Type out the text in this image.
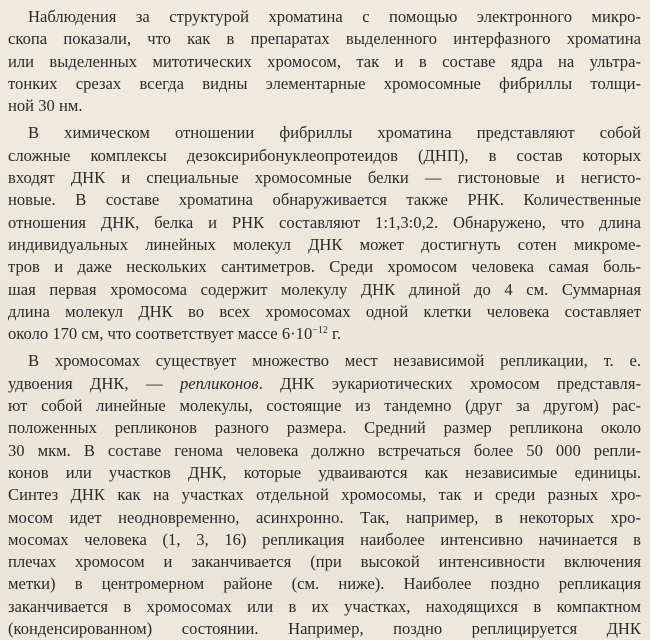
Наблюдения за структурой хроматина с помощью электронного микро-
скопа показали, что как в препаратах выделенного интерфазного хроматина
или выделенных митотических хромосом, так и в составе ядра на ультра-
тонких срезах всегда видны элементарные хромосомные фибриллы толщи-
ной 30 нм.
В химическом отношении фибриллы хроматина представляют собой
сложные комплексы дезоксирибонуклеопротеидов (ДНП), в состав которых
входят ДНК и специальные хромосомные белки — гистоновые и негисто-
новые. В составе хроматина обнаруживается также РНК. Количественные
отношения ДНК, белка и РНК составляют 1:1,3:0,2. Обнаружено, что длина
индивидуальных линейных молекул ДНК может достигнуть сотен микроме-
тров и даже нескольких сантиметров. Среди хромосом человека самая боль-
шая первая хромосома содержит молекулу ДНК длиной до 4 см. Суммарная
длина молекул ДНК во всех хромосомах одной клетки человека составляет
около 170 см, что соответствует массе $6\cdot 10^{-12}$ г.
В хромосомах существует множество мест независимой репликации, т. е.
удвоения ДНК, — репликонов. ДНК эукариотических хромосом представля-
ют собой линейные молекулы, состоящие из тандемно (друг за другом) рас-
положенных репликонов разного размера. Средний размер репликона около
30 мкм. В составе генома человека должно встречаться более 50 000 репли-
конов или участков ДНК, которые удваиваются как независимые единицы.
Синтез ДНК как на участках отдельной хромосомы, так и среди разных хро-
мосом идет неодновременно, асинхронно. Так, например, в некоторых хро-
мосомах человека (1, 3, 16) репликация наиболее интенсивно начинается в
плечах хромосом и заканчивается (при высокой интенсивности включения
метки) в центромерном районе (см. ниже). Наиболее поздно репликация
заканчивается в хромосомах или в их участках, находящихся в компактном
(конденсированном) состоянии. Например, поздно реплицируется ДНК
